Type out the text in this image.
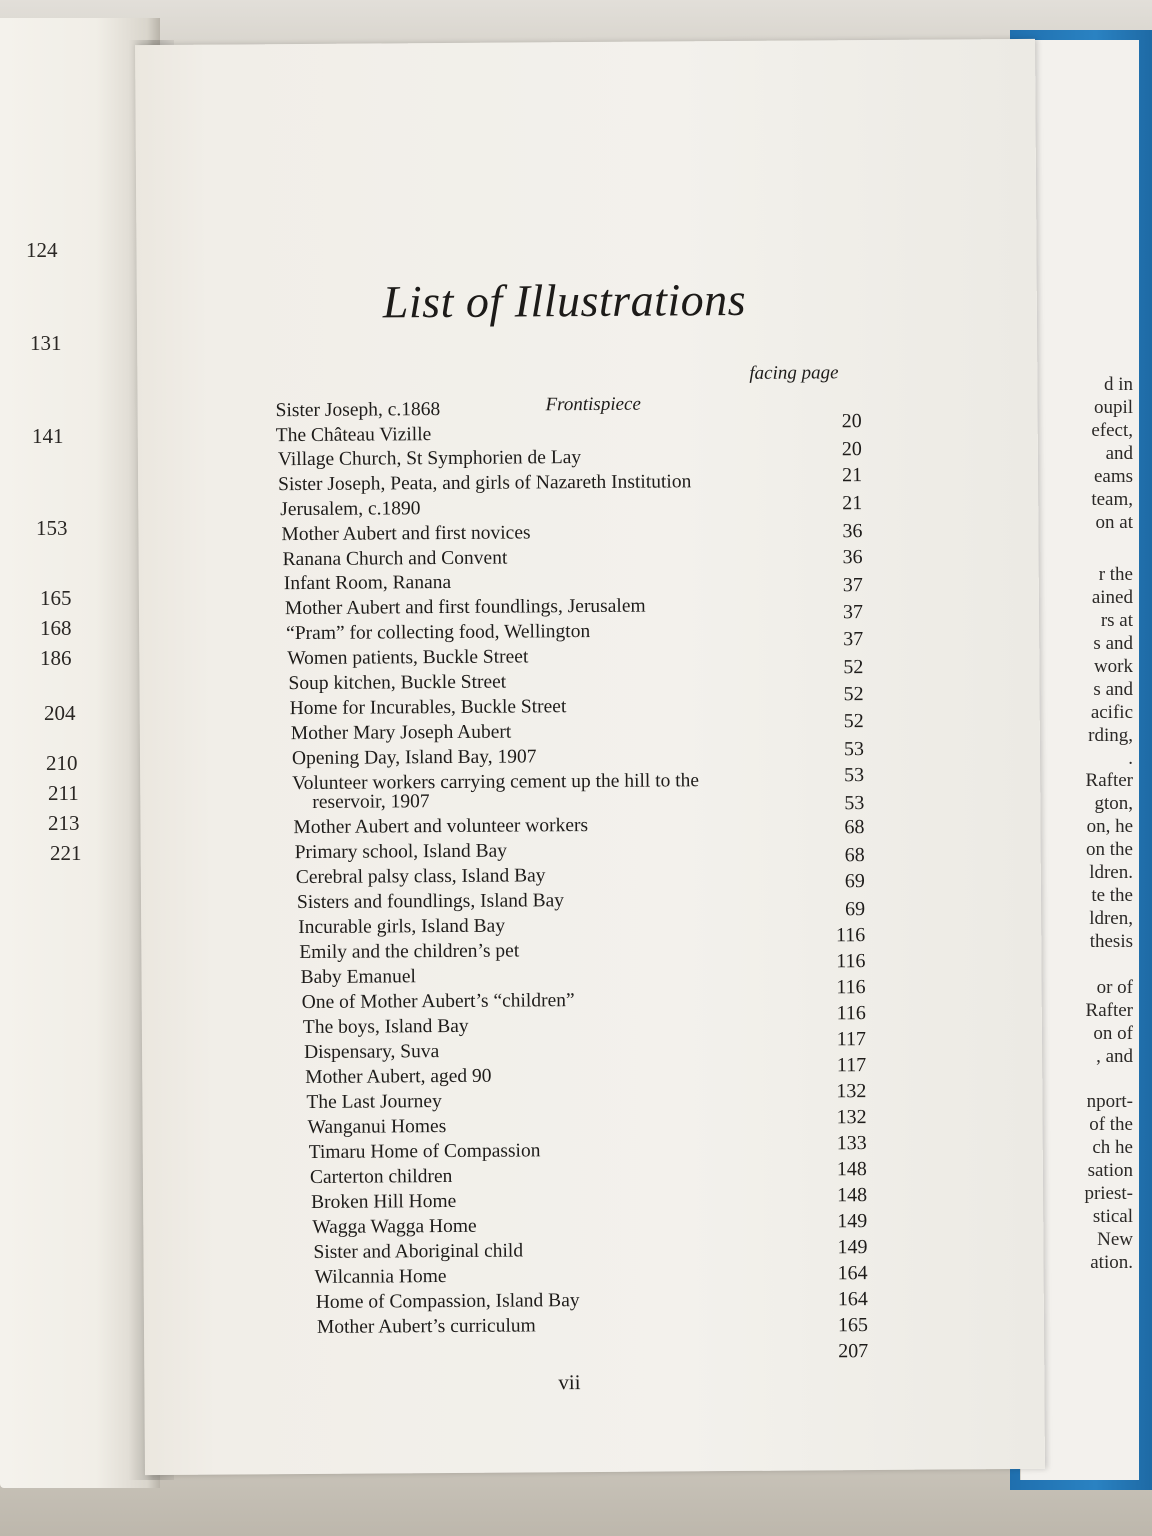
d in
oupil
efect,
and
eams
team,
on at
r the
ained
rs at
s and
work
s and
acific
rding,
.
Rafter
gton,
on, he
on the
ldren.
te the
ldren,
thesis
or of
Rafter
on of
, and
nport-
of the
ch he
sation
priest-
stical
New
ation.
124
131
141
153
165
168
186
204
210
211
213
221
List of Illustrations
facing page
Frontispiece
vii
Sister Joseph, c.1868
The Château Vizille
Village Church, St Symphorien de Lay
Sister Joseph, Peata, and girls of Nazareth Institution
Jerusalem, c.1890
Mother Aubert and first novices
Ranana Church and Convent
Infant Room, Ranana
Mother Aubert and first foundlings, Jerusalem
“Pram” for collecting food, Wellington
Women patients, Buckle Street
Soup kitchen, Buckle Street
Home for Incurables, Buckle Street
Mother Mary Joseph Aubert
Opening Day, Island Bay, 1907
Volunteer workers carrying cement up the hill to the
reservoir, 1907
Mother Aubert and volunteer workers
Primary school, Island Bay
Cerebral palsy class, Island Bay
Sisters and foundlings, Island Bay
Incurable girls, Island Bay
Emily and the children’s pet
Baby Emanuel
One of Mother Aubert’s “children”
The boys, Island Bay
Dispensary, Suva
Mother Aubert, aged 90
The Last Journey
Wanganui Homes
Timaru Home of Compassion
Carterton children
Broken Hill Home
Wagga Wagga Home
Sister and Aboriginal child
Wilcannia Home
Home of Compassion, Island Bay
Mother Aubert’s curriculum
20
20
21
21
36
36
37
37
37
52
52
52
53
53
53
68
68
69
69
116
116
116
116
117
117
132
132
133
148
148
149
149
164
164
165
207
